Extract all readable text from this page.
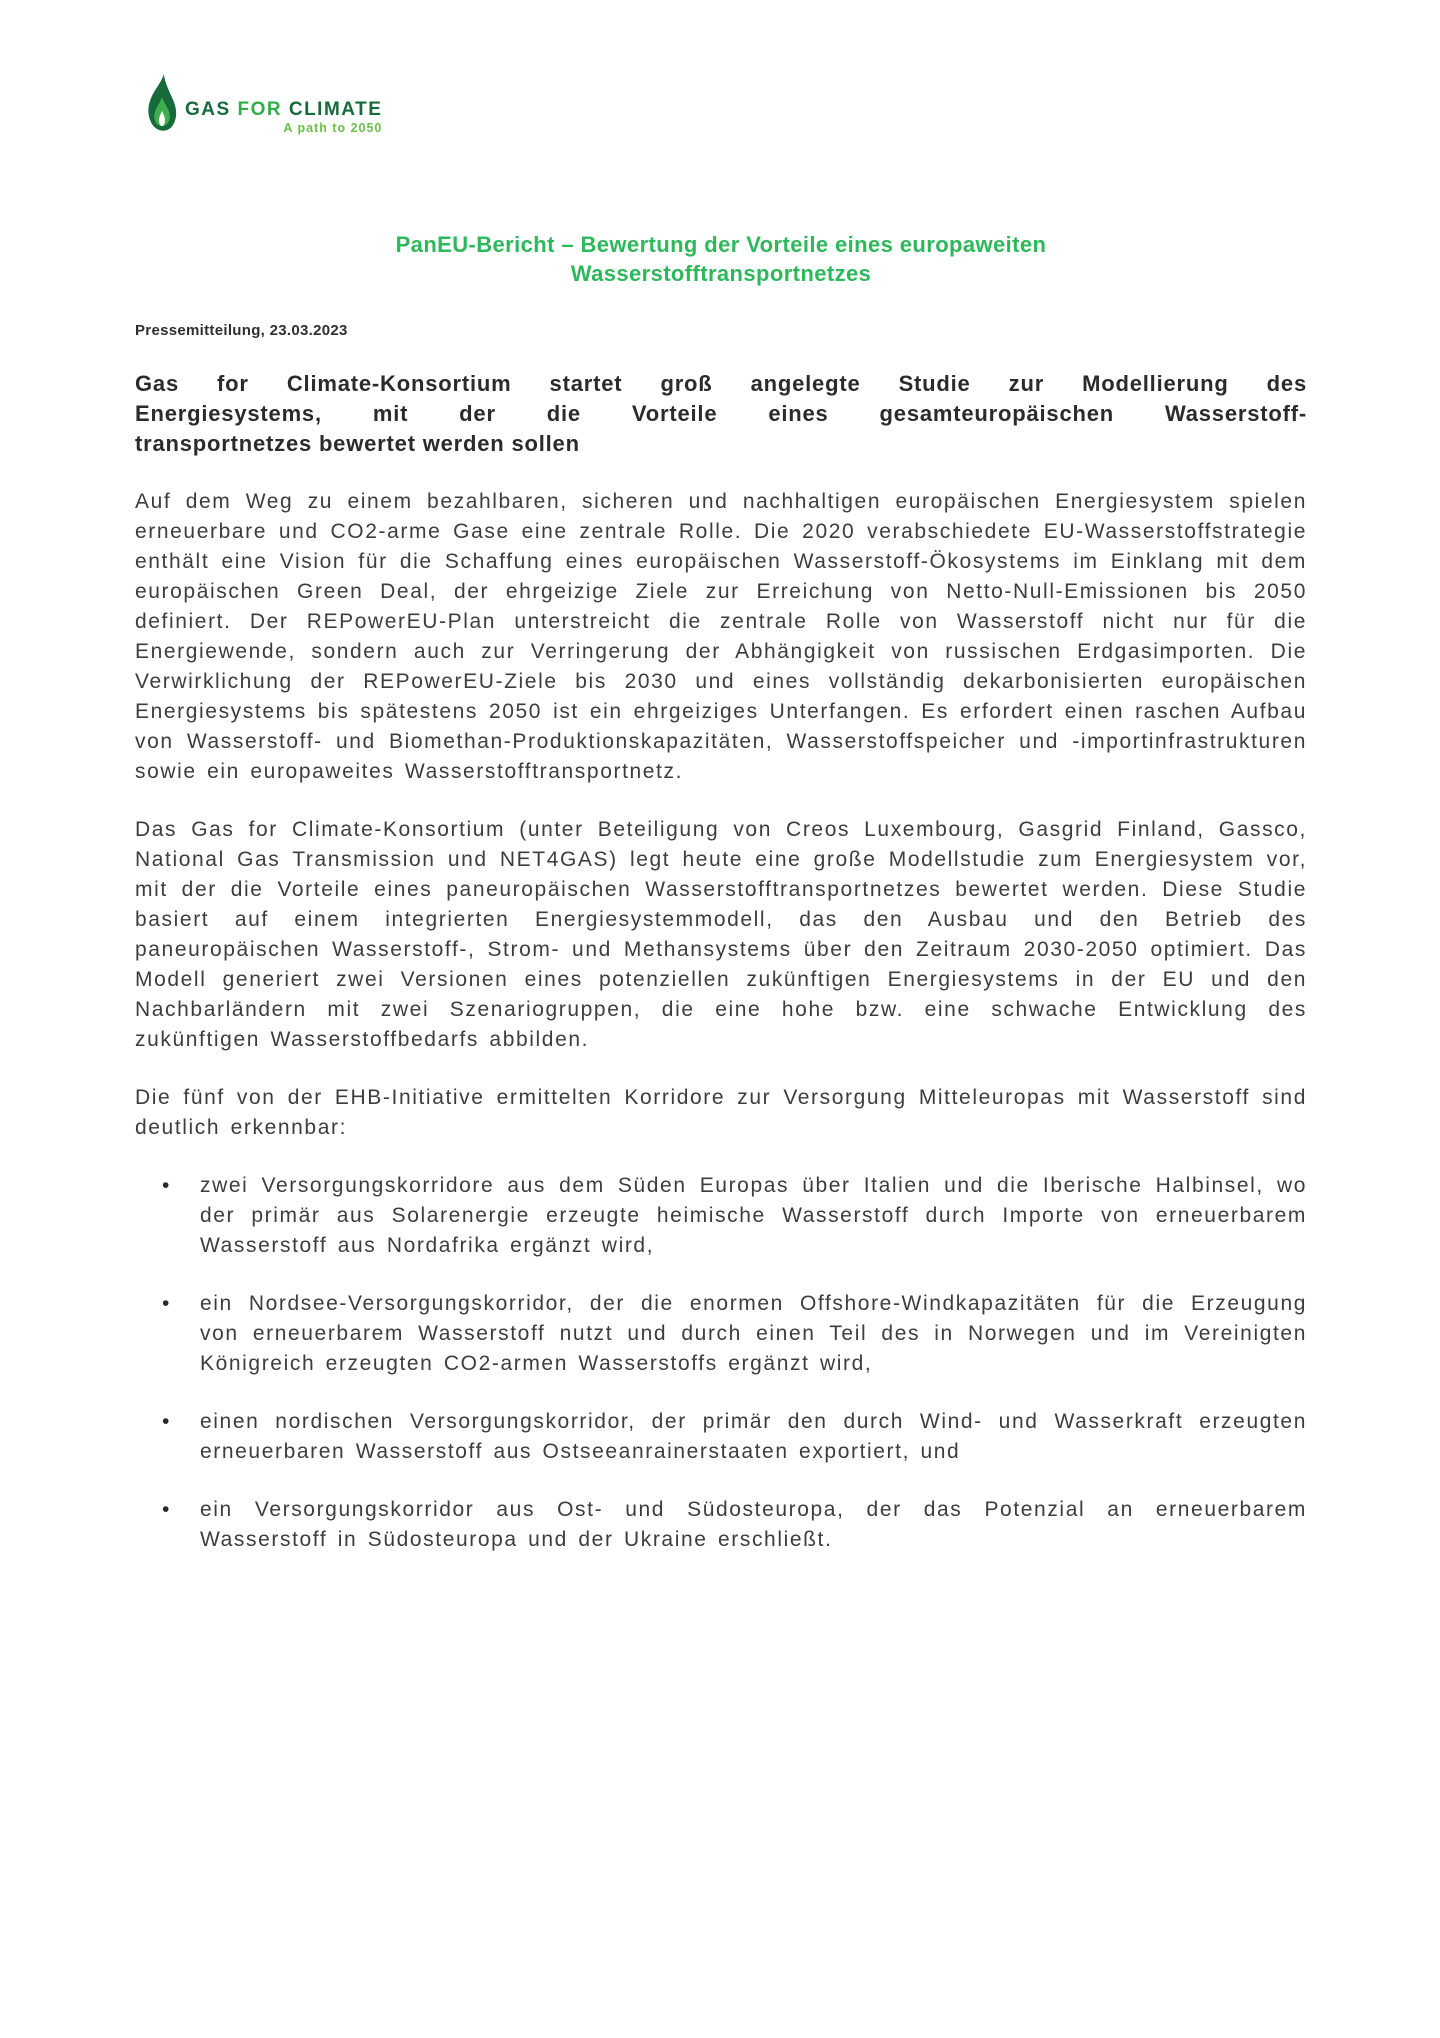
GAS FOR CLIMATE
A path to 2050
PanEU-Bericht – Bewertung der Vorteile eines europaweiten
Wasserstofftransportnetzes

Pressemitteilung, 23.03.2023

Gas for Climate-Konsortium startet groß angelegte Studie zur Modellierung des
Energiesystems, mit der die Vorteile eines gesamteuropäischen Wasserstoff-
transportnetzes bewertet werden sollen

Auf dem Weg zu einem bezahlbaren, sicheren und nachhaltigen europäischen Energiesystem spielen erneuerbare und CO2-arme Gase eine zentrale Rolle. Die 2020 verabschiedete EU-Wasserstoffstrategie enthält eine Vision für die Schaffung eines europäischen Wasserstoff-Ökosystems im Einklang mit dem europäischen Green Deal, der ehrgeizige Ziele zur Erreichung von Netto-Null-Emissionen bis 2050 definiert. Der REPowerEU-Plan unterstreicht die zentrale Rolle von Wasserstoff nicht nur für die Energiewende, sondern auch zur Verringerung der Abhängigkeit von russischen Erdgasimporten. Die Verwirklichung der REPowerEU-Ziele bis 2030 und eines vollständig dekarbonisierten europäischen Energiesystems bis spätestens 2050 ist ein ehrgeiziges Unterfangen. Es erfordert einen raschen Aufbau von Wasserstoff- und Biomethan-Produktionskapazitäten, Wasserstoffspeicher und -importinfrastrukturen sowie ein europaweites Wasserstofftransportnetz.

Das Gas for Climate-Konsortium (unter Beteiligung von Creos Luxembourg, Gasgrid Finland, Gassco, National Gas Transmission und NET4GAS) legt heute eine große Modellstudie zum Energiesystem vor, mit der die Vorteile eines paneuropäischen Wasserstofftransportnetzes bewertet werden. Diese Studie basiert auf einem integrierten Energiesystemmodell, das den Ausbau und den Betrieb des paneuropäischen Wasserstoff-, Strom- und Methansystems über den Zeitraum 2030-2050 optimiert. Das Modell generiert zwei Versionen eines potenziellen zukünftigen Energiesystems in der EU und den Nachbarländern mit zwei Szenariogruppen, die eine hohe bzw. eine schwache Entwicklung des zukünftigen Wasserstoffbedarfs abbilden.

Die fünf von der EHB-Initiative ermittelten Korridore zur Versorgung Mitteleuropas mit Wasserstoff sind deutlich erkennbar:

• zwei Versorgungskorridore aus dem Süden Europas über Italien und die Iberische Halbinsel, wo der primär aus Solarenergie erzeugte heimische Wasserstoff durch Importe von erneuerbarem Wasserstoff aus Nordafrika ergänzt wird,
• ein Nordsee-Versorgungskorridor, der die enormen Offshore-Windkapazitäten für die Erzeugung von erneuerbarem Wasserstoff nutzt und durch einen Teil des in Norwegen und im Vereinigten Königreich erzeugten CO2-armen Wasserstoffs ergänzt wird,
• einen nordischen Versorgungskorridor, der primär den durch Wind- und Wasserkraft erzeugten erneuerbaren Wasserstoff aus Ostseeanrainerstaaten exportiert, und
• ein Versorgungskorridor aus Ost- und Südosteuropa, der das Potenzial an erneuerbarem Wasserstoff in Südosteuropa und der Ukraine erschließt.
